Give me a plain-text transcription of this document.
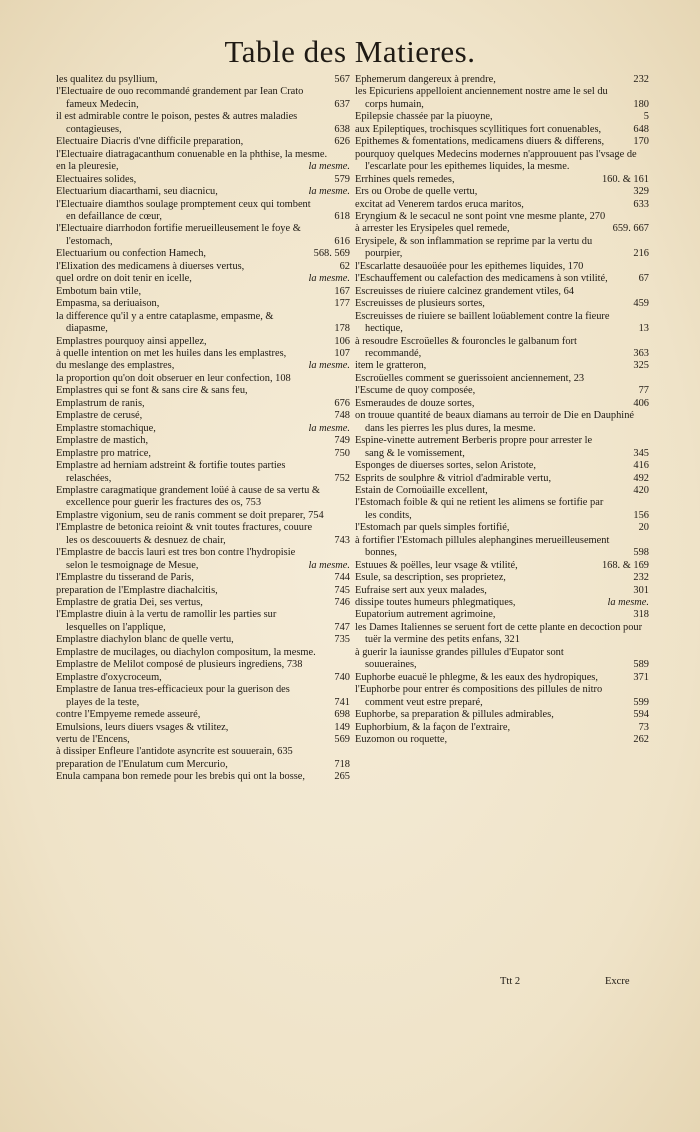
Table des Matieres.
les qualitez du psyllium,	567
l'Electuaire de ouo recommandé grandement par Iean Crato fameux Medecin,	637
il est admirable contre le poison, pestes & autres maladies contagieuses,	638
Electuaire Diacris d'vne difficile preparation,	626
l'Electuaire diatragacanthum conuenable en la phthise, la mesme.
en la pleuresie,	la mesme.
Electuaires solides,	579
Electuarium diacarthami, seu diacnicu,	la mesme.
l'Electuaire diamthos soulage promptement ceux qui tombent en defaillance de cœur,	618
l'Electuaire diarrhodon fortifie merueilleusement le foye & l'estomach,	616
Electuarium ou confection Hamech,	568. 569
l'Elixation des medicamens à diuerses vertus,	62
quel ordre on doit tenir en icelle,	la mesme.
Embotum bain vtile,	167
Empasma, sa deriuaison,	177
la difference qu'il y a entre cataplasme, empasme, & diapasme,	178
Emplastres pourquoy ainsi appellez,	106
à quelle intention on met les huiles dans les emplastres,	107
du meslange des emplastres,	la mesme.
la proportion qu'on doit obseruer en leur confection, 108
Emplastres qui se font & sans cire & sans feu,
Emplastrum de ranis,	676
Emplastre de cerusé,	748
Emplastre stomachique,	la mesme.
Emplastre de mastich,	749
Emplastre pro matrice,	750
Emplastre ad herniam adstreint & fortifie toutes parties relaschées,	752
Emplastre caragmatique grandement loüé à cause de sa vertu & excellence pour guerir les fractures des os, 753
Emplastre vigonium, seu de ranis comment se doit preparer, 754
l'Emplastre de betonica reioint & vnit toutes fractures, couure les os descouuerts & desnuez de chair,	743
l'Emplastre de baccis lauri est tres bon contre l'hydropisie selon le tesmoignage de Mesue,	la mesme.
l'Emplastre du tisserand de Paris,	744
preparation de l'Emplastre diachalcitis,	745
Emplastre de gratia Dei, ses vertus,	746
l'Emplastre diuin à la vertu de ramollir les parties sur lesquelles on l'applique,	747
Emplastre diachylon blanc de quelle vertu,	735
Emplastre de mucilages, ou diachylon compositum, la mesme.
Emplastre de Melilot composé de plusieurs ingrediens, 738
Emplastre d'oxycroceum,	740
Emplastre de Ianua tres-efficacieux pour la guerison des playes de la teste,	741
contre l'Empyeme remede asseuré,	698
Emulsions, leurs diuers vsages & vtilitez,	149
vertu de l'Encens,	569
à dissiper Enfleure l'antidote asyncrite est souuerain, 635
preparation de l'Enulatum cum Mercurio,	718
Enula campana bon remede pour les brebis qui ont la bosse,	265
Ephemerum dangereux à prendre,	232
les Epicuriens appelloient anciennement nostre ame le sel du corps humain,	180
Epilepsie chassée par la piuoyne,	5
aux Epileptiques, trochisques scyllitiques fort conuenables,	648
Epithemes & fomentations, medicamens diuers & differens,	170
pourquoy quelques Medecins modernes n'approuuent pas l'vsage de l'escarlate pour les epithemes liquides, la mesme.
Errhines quels remedes,	160. & 161
Ers ou Orobe de quelle vertu,	329
excitat ad Venerem tardos eruca maritos,	633
Eryngium & le secacul ne sont point vne mesme plante, 270
à arrester les Erysipeles quel remede,	659. 667
Erysipele, & son inflammation se reprime par la vertu du pourpier,	216
l'Escarlatte desauoüée pour les epithemes liquides, 170
l'Eschauffement ou calefaction des medicamens à son vtilité,	67
Escreuisses de riuiere calcinez grandement vtiles, 64
Escreuisses de plusieurs sortes,	459
Escreuisses de riuiere se baillent loüablement contre la fieure hectique,	13
à resoudre Escroüelles & fouroncles le galbanum fort recommandé,	363
item le gratteron,	325
Escroüelles comment se guerissoient anciennement, 23
l'Escume de quoy composée,	77
Esmeraudes de douze sortes,	406
on trouue quantité de beaux diamans au terroir de Die en Dauphiné dans les pierres les plus dures, la mesme.
Espine-vinette autrement Berberis propre pour arrester le sang & le vomissement,	345
Esponges de diuerses sortes, selon Aristote,	416
Esprits de soulphre & vitriol d'admirable vertu,	492
Estain de Cornoüaille excellent,	420
l'Estomach foible & qui ne retient les alimens se fortifie par les condits,	156
l'Estomach par quels simples fortifié,	20
à fortifier l'Estomach pillules alephangines merueilleusement bonnes,	598
Estuues & poëlles, leur vsage & vtilité,	168. & 169
Esule, sa description, ses proprietez,	232
Eufraise sert aux yeux malades,	301
dissipe toutes humeurs phlegmatiques,	la mesme.
Eupatorium autrement agrimoine,	318
les Dames Italiennes se seruent fort de cette plante en decoction pour tuër la vermine des petits enfans, 321
à guerir la iaunisse grandes pillules d'Eupator sont souueraines,	589
Euphorbe euacuë le phlegme, & les eaux des hydropiques,	371
l'Euphorbe pour entrer és compositions des pillules de nitro comment veut estre preparé,	599
Euphorbe, sa preparation & pillules admirables,	594
Euphorbium, & la façon de l'extraire,	73
Euzomon ou roquette,	262
Ttt 2	Excre
